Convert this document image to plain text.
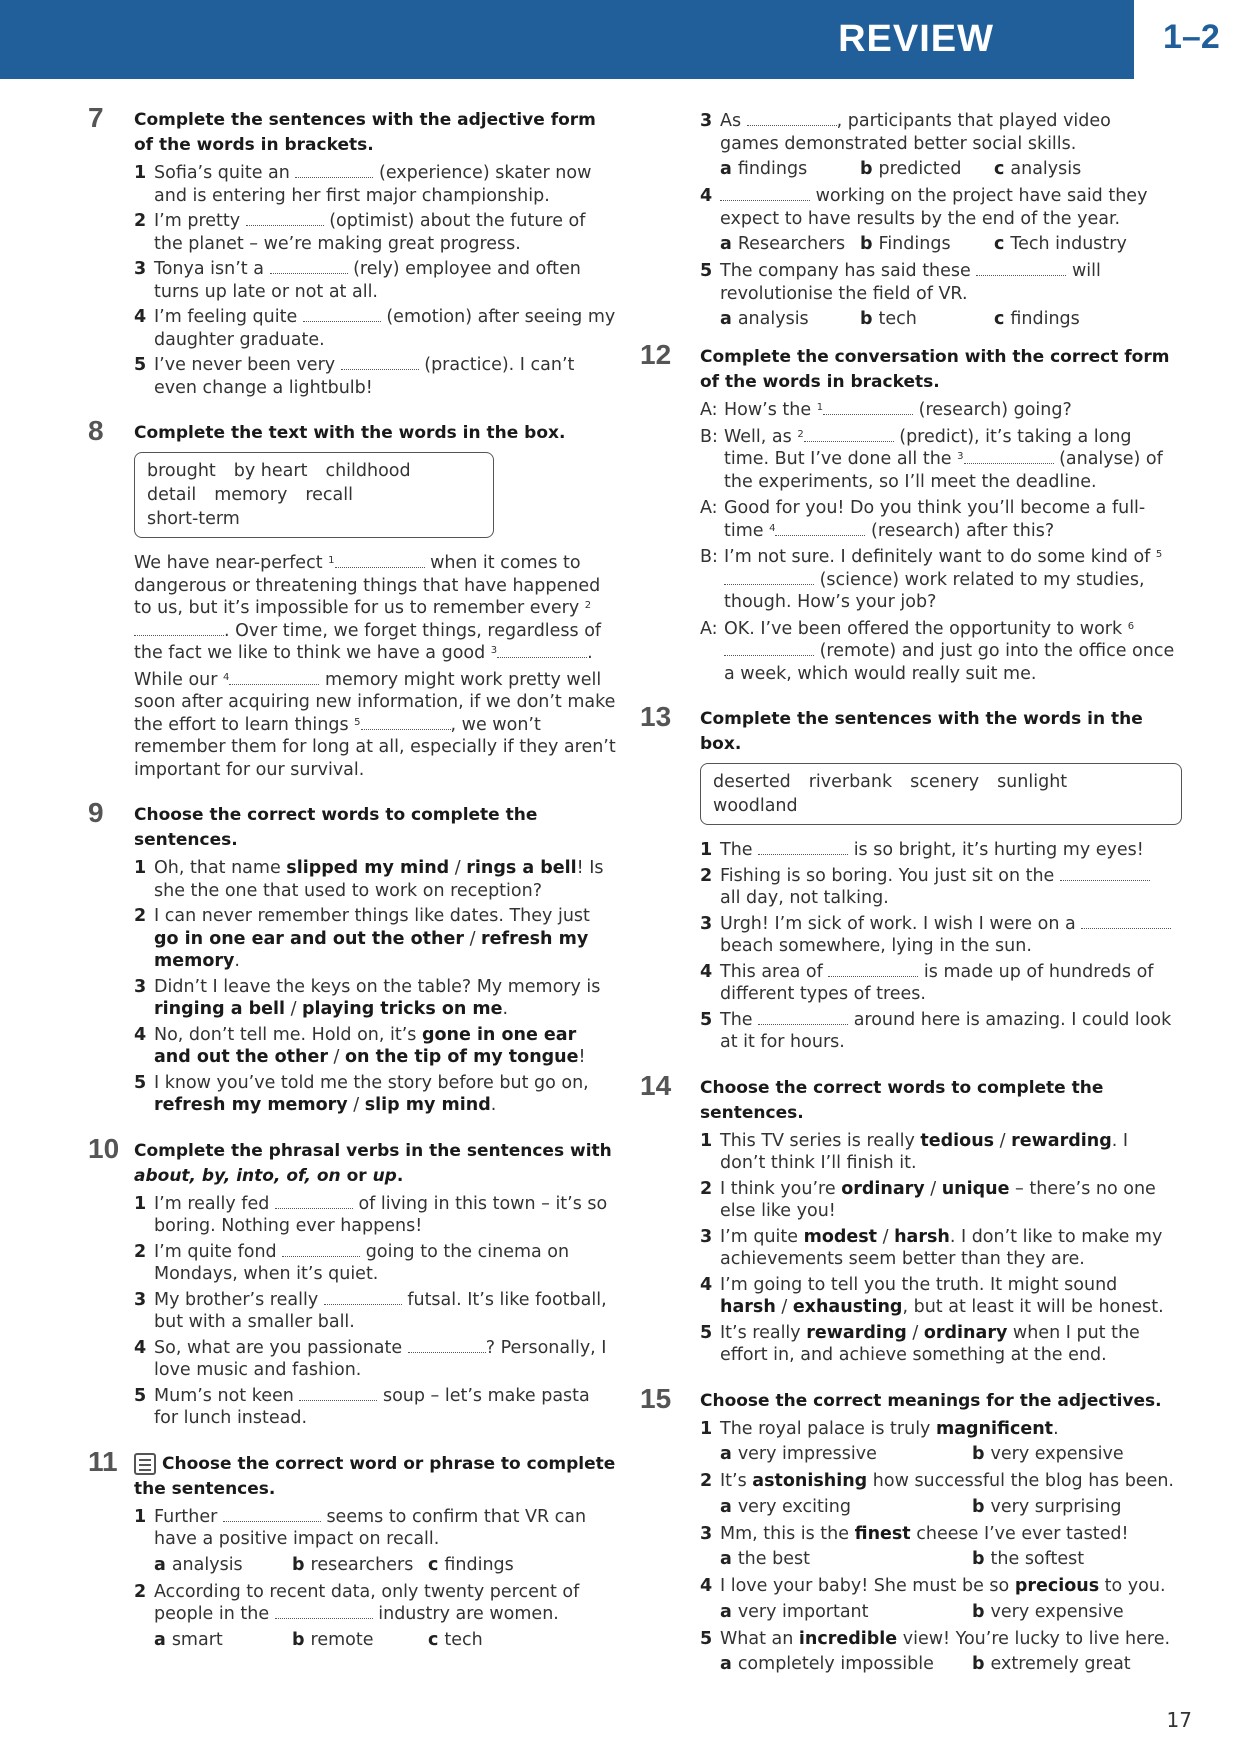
REVIEW	1–2
7 Complete the sentences with the adjective form of the words in brackets.
1 Sofia’s quite an	(experience) skater now and is entering her first major championship.
2 I’m pretty	(optimist) about the future of the planet – we’re making great progress.
3 Tonya isn’t a	(rely) employee and often turns up late or not at all.
4 I’m feeling quite	(emotion) after seeing my daughter graduate.
5 I’ve never been very	(practice). I can’t even change a lightbulb!
8 Complete the text with the words in the box.
brought by heart childhooddetail memory recallshort-term
We have near-perfect $^1$	when it comes to dangerous or threatening things that have happened to us, but it’s impossible for us to remember every $^2$. Over time, we forget things, regardless of the fact we like to think we have a good $^3$	.
While our $^4$	memory might work pretty well soon after acquiring new information, if we don’t make the effort to learn things $^5$	, we won’t remember them for long at all, especially if they aren’t important for our survival.
9 Choose the correct words to complete the sentences.
1 Oh, that name slipped my mind / rings a bell! Is she the one that used to work on reception?
2 I can never remember things like dates. They just go in one ear and out the other / refresh my memory.
3 Didn’t I leave the keys on the table? My memory is ringing a bell / playing tricks on me.
4 No, don’t tell me. Hold on, it’s gone in one ear and out the other / on the tip of my tongue!
5 I know you’ve told me the story before but go on, refresh my memory / slip my mind.
10 Complete the phrasal verbs in the sentences with about, by, into, of, on or up.
1 I’m really fed	of living in this town – it’s so boring. Nothing ever happens!
2 I’m quite fond	going to the cinema on Mondays, when it’s quiet.
3 My brother’s really	futsal. It’s like football, but with a smaller ball.
4 So, what are you passionate	? Personally, I love music and fashion.
5 Mum’s not keen	soup – let’s make pasta for lunch instead.
11	Choose the correct word or phrase to complete the sentences.
1 Further	seems to confirm that VR can have a positive impact on recall.
a analysis	b researchers c findings
2 According to recent data, only twenty percent of people in the	industry are women.
a smart	b remote	c tech
3 As	, participants that played video games demonstrated better social skills.
a findings	b predicted c analysis
4	working on the project have said they expect to have results by the end of the year.
a Researchers b Findings c Tech industry
5 The company has said these	will revolutionise the field of VR.
a analysis	b tech	c findings
12 Complete the conversation with the correct form of the words in brackets.
A: How’s the $^1$	(research) going?
B: Well, as $^2$	(predict), it’s taking a long time. But I’ve done all the $^3$	(analyse) of the experiments, so I’ll meet the deadline.
A: Good for you! Do you think you’ll become a full-time $^4$	(research) after this?
B: I’m not sure. I definitely want to do some kind of $^5$ (science) work related to my studies, though. How’s your job?
A: OK. I’ve been offered the opportunity to work $^6$ (remote) and just go into the office once a week, which would really suit me.
13 Complete the sentences with the words in the box.
deserted riverbank scenery sunlightwoodland
1 The	is so bright, it’s hurting my eyes!
2 Fishing is so boring. You just sit on the  all day, not talking.
3 Urgh! I’m sick of work. I wish I were on a  beach somewhere, lying in the sun.
4 This area of	is made up of hundreds of different types of trees.
5 The	around here is amazing. I could look at it for hours.
14 Choose the correct words to complete the sentences.
1 This TV series is really tedious / rewarding. I don’t think I’ll finish it.
2 I think you’re ordinary / unique – there’s no one else like you!
3 I’m quite modest / harsh. I don’t like to make my achievements seem better than they are.
4 I’m going to tell you the truth. It might sound harsh / exhausting, but at least it will be honest.
5 It’s really rewarding / ordinary when I put the effort in, and achieve something at the end.
15 Choose the correct meanings for the adjectives.
1 The royal palace is truly magnificent.
a very impressive	b very expensive
2 It’s astonishing how successful the blog has been.
a very exciting	b very surprising
3 Mm, this is the finest cheese I’ve ever tasted!
a the best	b the softest
4 I love your baby! She must be so precious to you.
a very important	b very expensive
5 What an incredible view! You’re lucky to live here.
a completely impossible b extremely great
17
